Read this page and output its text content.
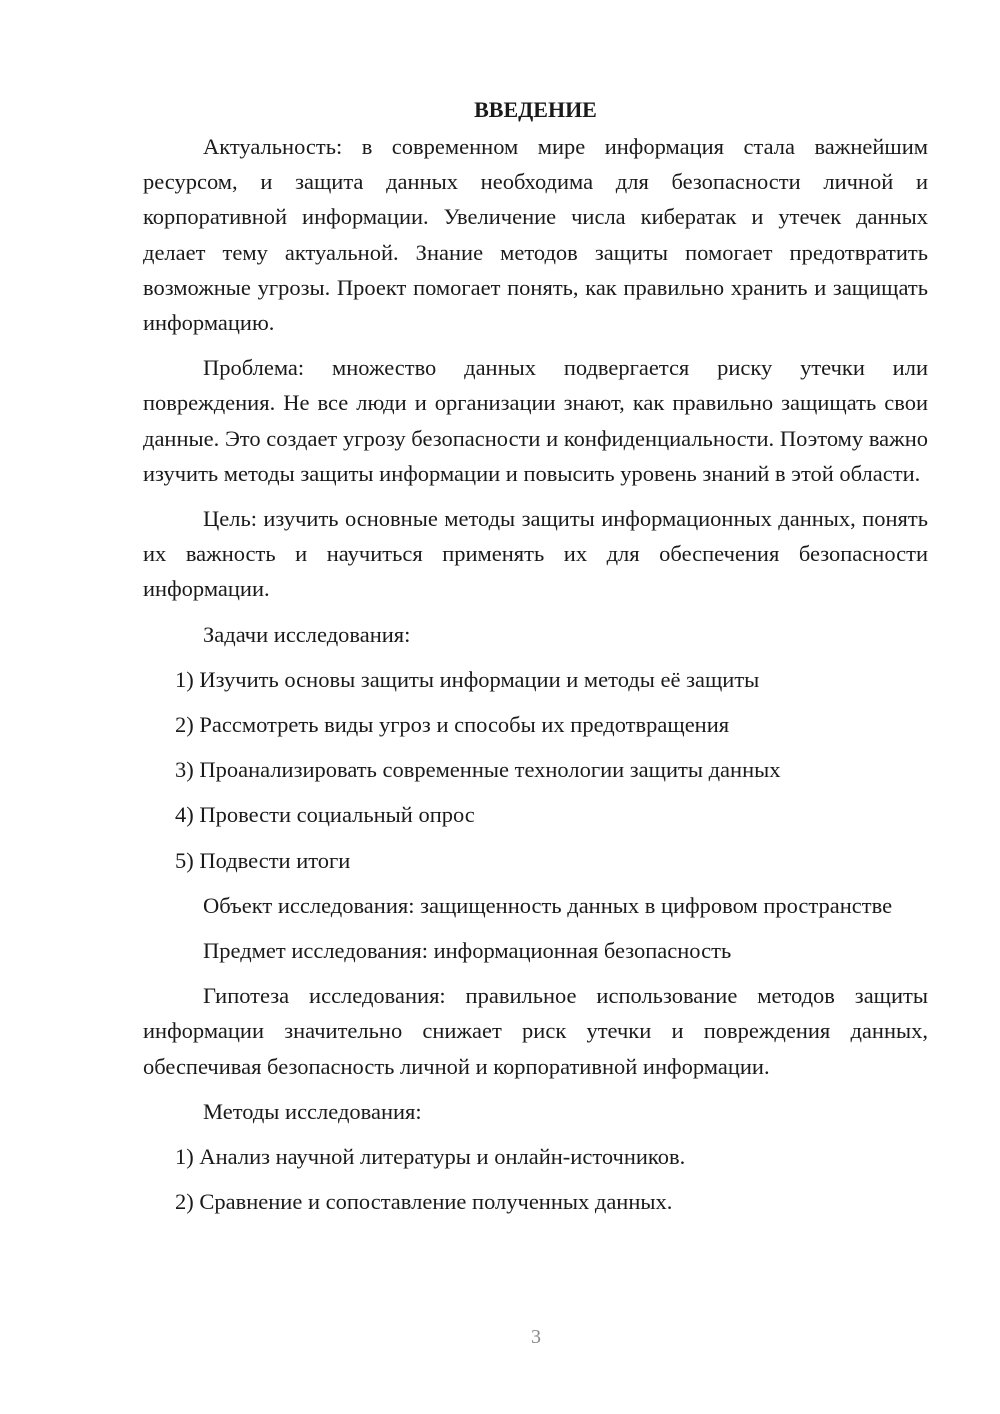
ВВЕДЕНИЕ

Актуальность: в современном мире информация стала важнейшим ресурсом, и защита данных необходима для безопасности личной и корпоративной информации. Увеличение числа кибератак и утечек данных делает тему актуальной. Знание методов защиты помогает предотвратить возможные угрозы. Проект помогает понять, как правильно хранить и защищать информацию.

Проблема: множество данных подвергается риску утечки или повреждения. Не все люди и организации знают, как правильно защищать свои данные. Это создает угрозу безопасности и конфиденциальности. Поэтому важно изучить методы защиты информации и повысить уровень знаний в этой области.

Цель: изучить основные методы защиты информационных данных, понять их важность и научиться применять их для обеспечения безопасности информации.

Задачи исследования:
1) Изучить основы защиты информации и методы её защиты
2) Рассмотреть виды угроз и способы их предотвращения
3) Проанализировать современные технологии защиты данных
4) Провести социальный опрос
5) Подвести итоги

Объект исследования: защищенность данных в цифровом пространстве

Предмет исследования: информационная безопасность

Гипотеза исследования: правильное использование методов защиты информации значительно снижает риск утечки и повреждения данных, обеспечивая безопасность личной и корпоративной информации.

Методы исследования:
1) Анализ научной литературы и онлайн-источников.
2) Сравнение и сопоставление полученных данных.
3
